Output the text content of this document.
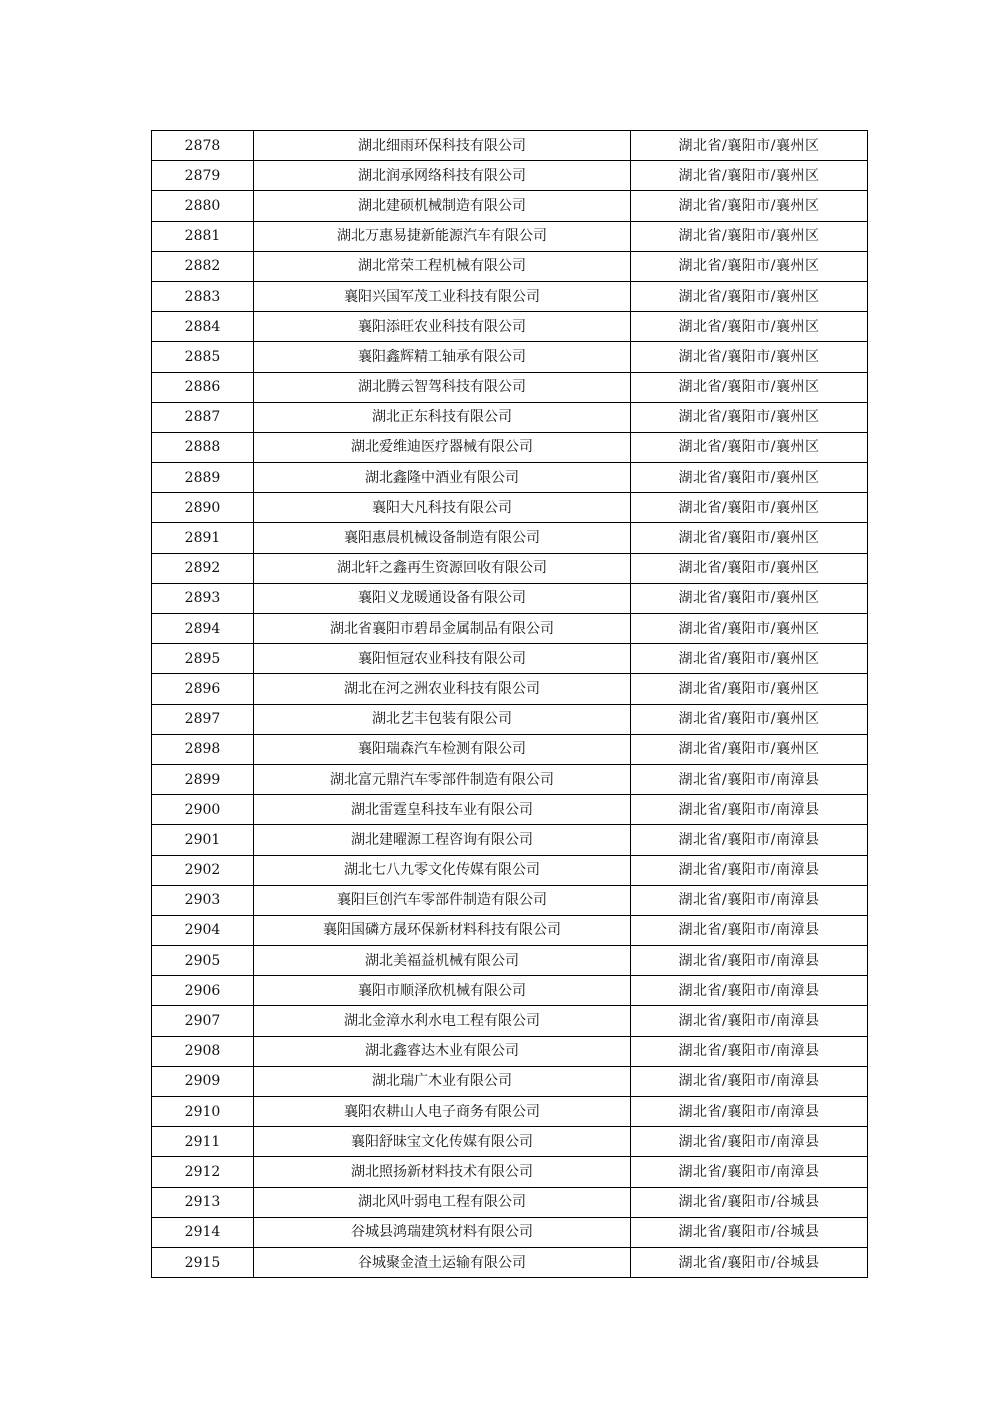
2878	湖北细雨环保科技有限公司	湖北省/襄阳市/襄州区
2879	湖北润承网络科技有限公司	湖北省/襄阳市/襄州区
2880	湖北建硕机械制造有限公司	湖北省/襄阳市/襄州区
2881	湖北万惠易捷新能源汽车有限公司	湖北省/襄阳市/襄州区
2882	湖北常荣工程机械有限公司	湖北省/襄阳市/襄州区
2883	襄阳兴国军茂工业科技有限公司	湖北省/襄阳市/襄州区
2884	襄阳添旺农业科技有限公司	湖北省/襄阳市/襄州区
2885	襄阳鑫辉精工轴承有限公司	湖北省/襄阳市/襄州区
2886	湖北腾云智驾科技有限公司	湖北省/襄阳市/襄州区
2887	湖北正东科技有限公司	湖北省/襄阳市/襄州区
2888	湖北爱维迪医疗器械有限公司	湖北省/襄阳市/襄州区
2889	湖北鑫隆中酒业有限公司	湖北省/襄阳市/襄州区
2890	襄阳大凡科技有限公司	湖北省/襄阳市/襄州区
2891	襄阳惠晨机械设备制造有限公司	湖北省/襄阳市/襄州区
2892	湖北轩之鑫再生资源回收有限公司	湖北省/襄阳市/襄州区
2893	襄阳义龙暖通设备有限公司	湖北省/襄阳市/襄州区
2894	湖北省襄阳市碧昂金属制品有限公司	湖北省/襄阳市/襄州区
2895	襄阳恒冠农业科技有限公司	湖北省/襄阳市/襄州区
2896	湖北在河之洲农业科技有限公司	湖北省/襄阳市/襄州区
2897	湖北艺丰包装有限公司	湖北省/襄阳市/襄州区
2898	襄阳瑞森汽车检测有限公司	湖北省/襄阳市/襄州区
2899	湖北富元鼎汽车零部件制造有限公司	湖北省/襄阳市/南漳县
2900	湖北雷霆皇科技车业有限公司	湖北省/襄阳市/南漳县
2901	湖北建曜源工程咨询有限公司	湖北省/襄阳市/南漳县
2902	湖北七八九零文化传媒有限公司	湖北省/襄阳市/南漳县
2903	襄阳巨创汽车零部件制造有限公司	湖北省/襄阳市/南漳县
2904	襄阳国磷方晟环保新材料科技有限公司	湖北省/襄阳市/南漳县
2905	湖北美福益机械有限公司	湖北省/襄阳市/南漳县
2906	襄阳市顺泽欣机械有限公司	湖北省/襄阳市/南漳县
2907	湖北金漳水利水电工程有限公司	湖北省/襄阳市/南漳县
2908	湖北鑫睿达木业有限公司	湖北省/襄阳市/南漳县
2909	湖北瑞广木业有限公司	湖北省/襄阳市/南漳县
2910	襄阳农耕山人电子商务有限公司	湖北省/襄阳市/南漳县
2911	襄阳舒昧宝文化传媒有限公司	湖北省/襄阳市/南漳县
2912	湖北照扬新材料技术有限公司	湖北省/襄阳市/南漳县
2913	湖北风叶弱电工程有限公司	湖北省/襄阳市/谷城县
2914	谷城县鸿瑞建筑材料有限公司	湖北省/襄阳市/谷城县
2915	谷城聚金渣土运输有限公司	湖北省/襄阳市/谷城县
